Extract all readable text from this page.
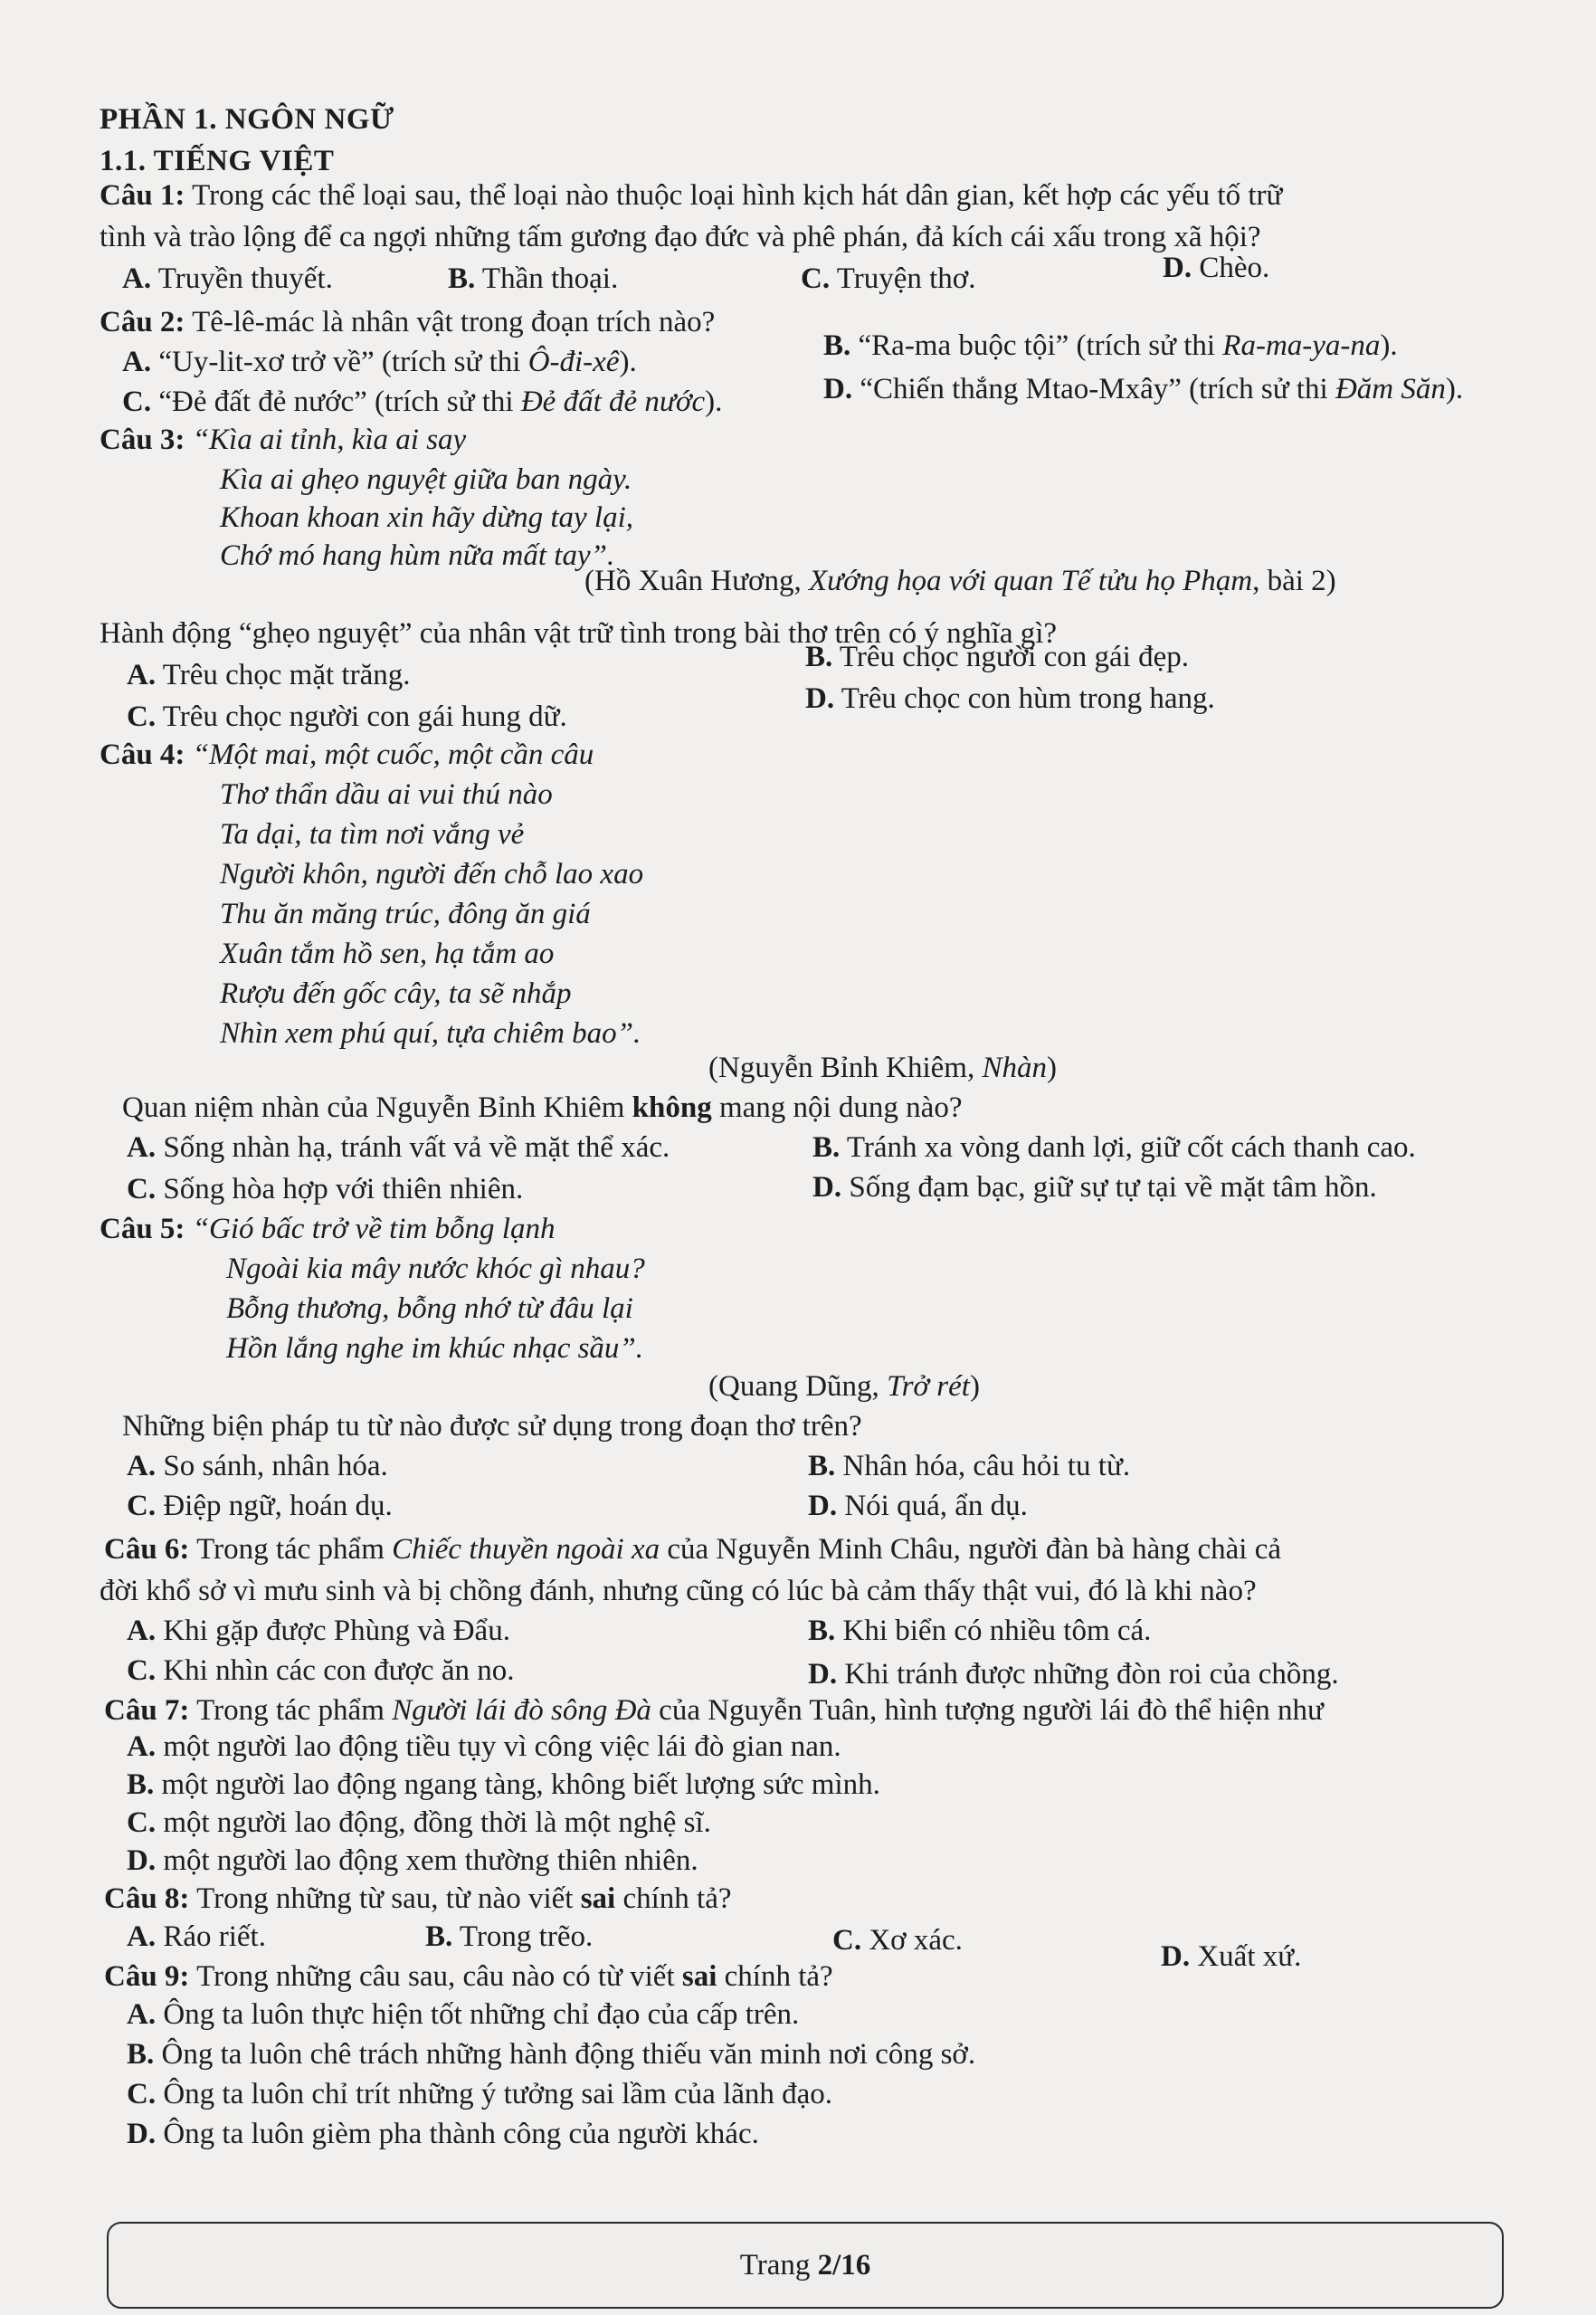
PHẦN 1. NGÔN NGỮ
1.1. TIẾNG VIỆT
Câu 1: Trong các thể loại sau, thể loại nào thuộc loại hình kịch hát dân gian, kết hợp các yếu tố trữ
tình và trào lộng để ca ngợi những tấm gương đạo đức và phê phán, đả kích cái xấu trong xã hội?
A. Truyền thuyết.	B. Thần thoại.	C. Truyện thơ.	D. Chèo.
Câu 2: Tê-lê-mác là nhân vật trong đoạn trích nào?
A. “Uy-lit-xơ trở về” (trích sử thi Ô-đi-xê).	B. “Ra-ma buộc tội” (trích sử thi Ra-ma-ya-na).
C. “Đẻ đất đẻ nước” (trích sử thi Đẻ đất đẻ nước).	D. “Chiến thắng Mtao-Mxây” (trích sử thi Đăm Săn).
Câu 3: “Kìa ai tỉnh, kìa ai say
Kìa ai ghẹo nguyệt giữa ban ngày.
Khoan khoan xin hãy dừng tay lại,
Chớ mó hang hùm nữa mất tay”.
(Hồ Xuân Hương, Xướng họa với quan Tế tửu họ Phạm, bài 2)
Hành động “ghẹo nguyệt” của nhân vật trữ tình trong bài thơ trên có ý nghĩa gì?
A. Trêu chọc mặt trăng.
B. Trêu chọc người con gái đẹp.
C. Trêu chọc người con gái hung dữ.
D. Trêu chọc con hùm trong hang.
Câu 4: “Một mai, một cuốc, một cần câu
Thơ thẩn dầu ai vui thú nào
Ta dại, ta tìm nơi vắng vẻ
Người khôn, người đến chỗ lao xao
Thu ăn măng trúc, đông ăn giá
Xuân tắm hồ sen, hạ tắm ao
Rượu đến gốc cây, ta sẽ nhắp
Nhìn xem phú quí, tựa chiêm bao”.
(Nguyễn Bỉnh Khiêm, Nhàn)
Quan niệm nhàn của Nguyễn Bỉnh Khiêm không mang nội dung nào?
A. Sống nhàn hạ, tránh vất vả về mặt thể xác.	B. Tránh xa vòng danh lợi, giữ cốt cách thanh cao.
C. Sống hòa hợp với thiên nhiên.	D. Sống đạm bạc, giữ sự tự tại về mặt tâm hồn.
Câu 5: “Gió bấc trở về tim bỗng lạnh
Ngoài kia mây nước khóc gì nhau?
Bỗng thương, bỗng nhớ từ đâu lại
Hồn lắng nghe im khúc nhạc sầu”.
(Quang Dũng, Trở rét)
Những biện pháp tu từ nào được sử dụng trong đoạn thơ trên?
A. So sánh, nhân hóa.	B. Nhân hóa, câu hỏi tu từ.
C. Điệp ngữ, hoán dụ.	D. Nói quá, ẩn dụ.
Câu 6: Trong tác phẩm Chiếc thuyền ngoài xa của Nguyễn Minh Châu, người đàn bà hàng chài cả
đời khổ sở vì mưu sinh và bị chồng đánh, nhưng cũng có lúc bà cảm thấy thật vui, đó là khi nào?
A. Khi gặp được Phùng và Đẩu.	B. Khi biển có nhiều tôm cá.
C. Khi nhìn các con được ăn no.	D. Khi tránh được những đòn roi của chồng.
Câu 7: Trong tác phẩm Người lái đò sông Đà của Nguyễn Tuân, hình tượng người lái đò thể hiện như
A. một người lao động tiều tụy vì công việc lái đò gian nan.
B. một người lao động ngang tàng, không biết lượng sức mình.
C. một người lao động, đồng thời là một nghệ sĩ.
D. một người lao động xem thường thiên nhiên.
Câu 8: Trong những từ sau, từ nào viết sai chính tả?
A. Ráo riết.	B. Trong trẽo.	C. Xơ xác.	D. Xuất xứ.
Câu 9: Trong những câu sau, câu nào có từ viết sai chính tả?
A. Ông ta luôn thực hiện tốt những chỉ đạo của cấp trên.
B. Ông ta luôn chê trách những hành động thiếu văn minh nơi công sở.
C. Ông ta luôn chỉ trít những ý tưởng sai lầm của lãnh đạo.
D. Ông ta luôn gièm pha thành công của người khác.
Trang 2/16
